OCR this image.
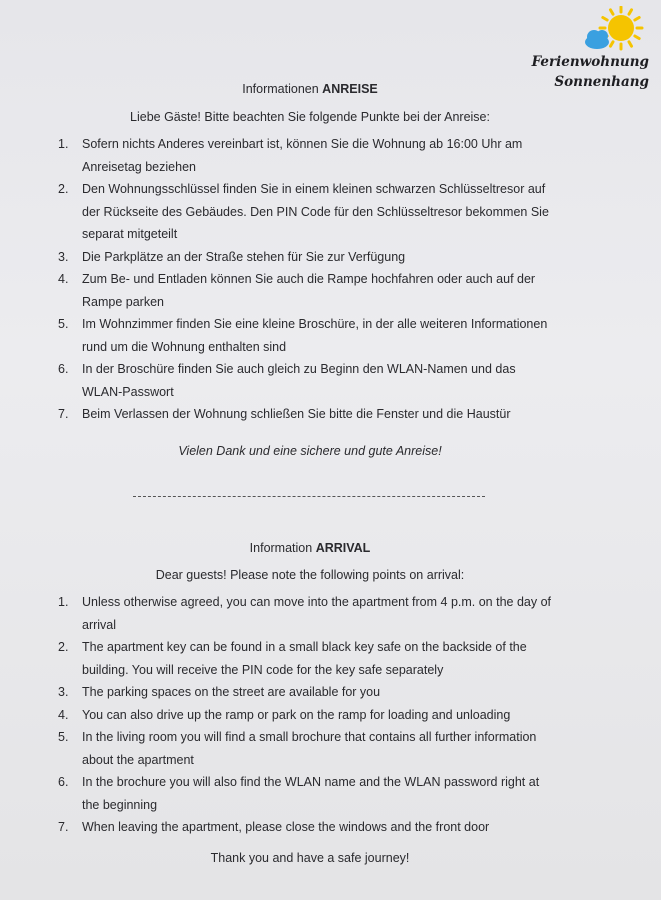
Ferienwohnung
Sonnenhang
Informationen ANREISE
Liebe Gäste! Bitte beachten Sie folgende Punkte bei der Anreise:
1. Sofern nichts Anderes vereinbart ist, können Sie die Wohnung ab 16:00 Uhr am
Anreisetag beziehen
2. Den Wohnungsschlüssel finden Sie in einem kleinen schwarzen Schlüsseltresor auf
der Rückseite des Gebäudes. Den PIN Code für den Schlüsseltresor bekommen Sie
separat mitgeteilt
3. Die Parkplätze an der Straße stehen für Sie zur Verfügung
4. Zum Be- und Entladen können Sie auch die Rampe hochfahren oder auch auf der
Rampe parken
5. Im Wohnzimmer finden Sie eine kleine Broschüre, in der alle weiteren Informationen
rund um die Wohnung enthalten sind
6. In der Broschüre finden Sie auch gleich zu Beginn den WLAN-Namen und das
WLAN-Passwort
7. Beim Verlassen der Wohnung schließen Sie bitte die Fenster und die Haustür
Vielen Dank und eine sichere und gute Anreise!
Information ARRIVAL
Dear guests! Please note the following points on arrival:
1. Unless otherwise agreed, you can move into the apartment from 4 p.m. on the day of
arrival
2. The apartment key can be found in a small black key safe on the backside of the
building. You will receive the PIN code for the key safe separately
3. The parking spaces on the street are available for you
4. You can also drive up the ramp or park on the ramp for loading and unloading
5. In the living room you will find a small brochure that contains all further information
about the apartment
6. In the brochure you will also find the WLAN name and the WLAN password right at
the beginning
7. When leaving the apartment, please close the windows and the front door
Thank you and have a safe journey!
